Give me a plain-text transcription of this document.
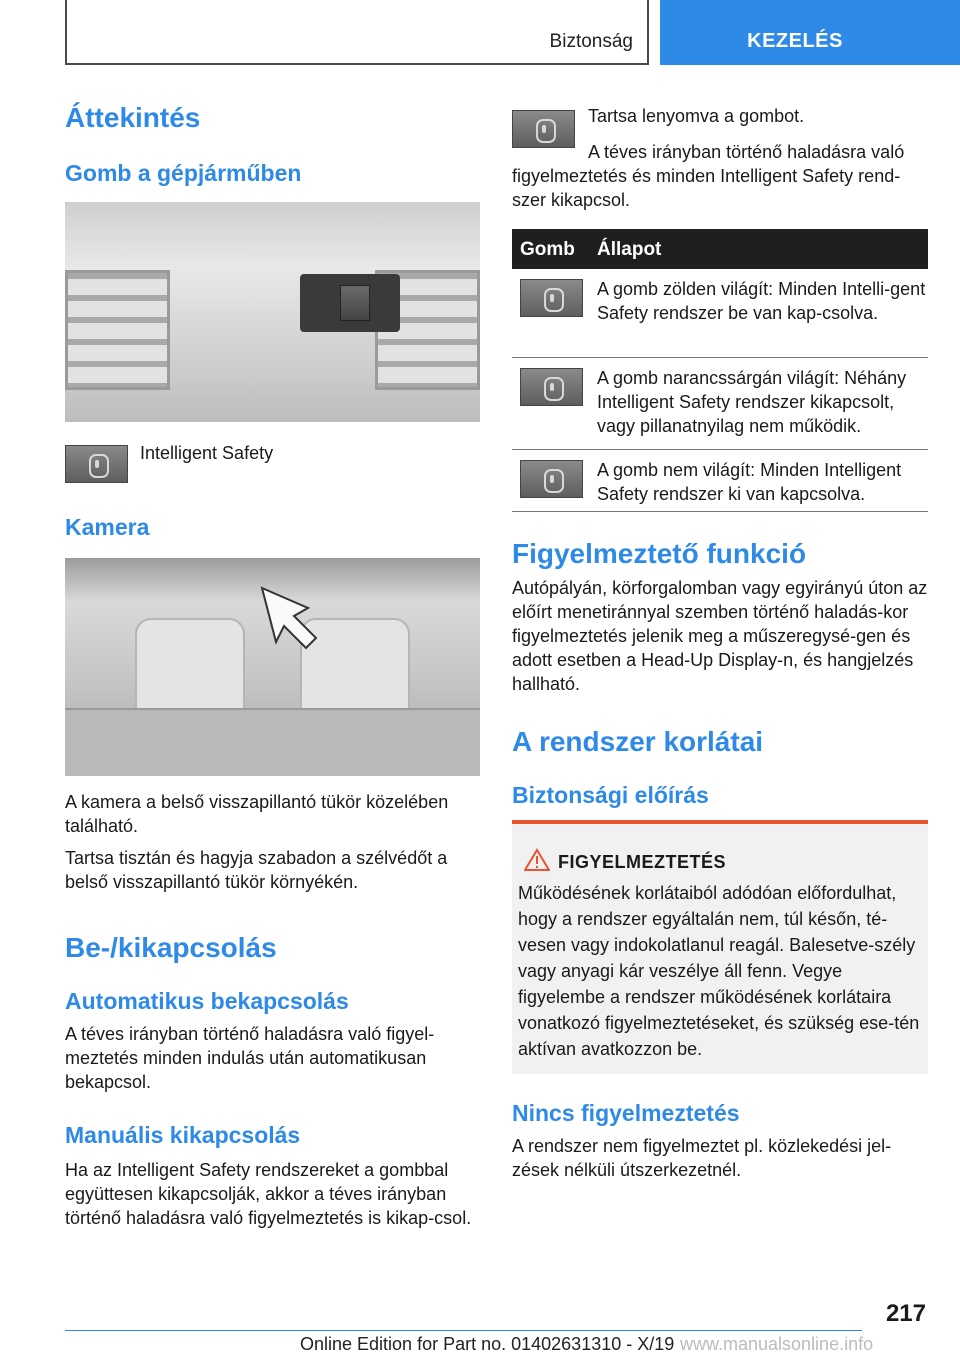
Biztonság	KEZELÉS
Áttekintés
Gomb a gépjárműben
Intelligent Safety
Kamera
A kamera a belső visszapillantó tükör közelében található.
Tartsa tisztán és hagyja szabadon a szélvédőt a belső visszapillantó tükör környékén.
Be-/kikapcsolás
Automatikus bekapcsolás
A téves irányban történő haladásra való figyel-meztetés minden indulás után automatikusan bekapcsol.
Manuális kikapcsolás
Ha az Intelligent Safety rendszereket a gombbal együttesen kikapcsolják, akkor a téves irányban történő haladásra való figyelmeztetés is kikap-csol.
Tartsa lenyomva a gombot.
A téves irányban történő haladásra való figyelmeztetés és minden Intelligent Safety rend-szer kikapcsol.
Gomb Állapot
A gomb zölden világít: Minden Intelli-gent Safety rendszer be van kap-csolva.
A gomb narancssárgán világít: Néhány Intelligent Safety rendszer kikapcsolt, vagy pillanatnyilag nem működik.
A gomb nem világít: Minden Intelligent Safety rendszer ki van kapcsolva.
Figyelmeztető funkció
Autópályán, körforgalomban vagy egyirányú úton az előírt menetiránnyal szemben történő haladás-kor figyelmeztetés jelenik meg a műszeregysé-gen és adott esetben a Head-Up Display-n, és hangjelzés hallható.
A rendszer korlátai
Biztonsági előírás
FIGYELMEZTETÉS
Működésének korlátaiból adódóan előfordulhat, hogy a rendszer egyáltalán nem, túl későn, té-vesen vagy indokolatlanul reagál. Balesetve-szély vagy anyagi kár veszélye áll fenn. Vegye figyelembe a rendszer működésének korlátaira vonatkozó figyelmeztetéseket, és szükség ese-tén aktívan avatkozzon be.
Nincs figyelmeztetés
A rendszer nem figyelmeztet pl. közlekedési jel-zések nélküli útszerkezetnél.
217
Online Edition for Part no. 01402631310 - X/19 www.manualsonline.info
